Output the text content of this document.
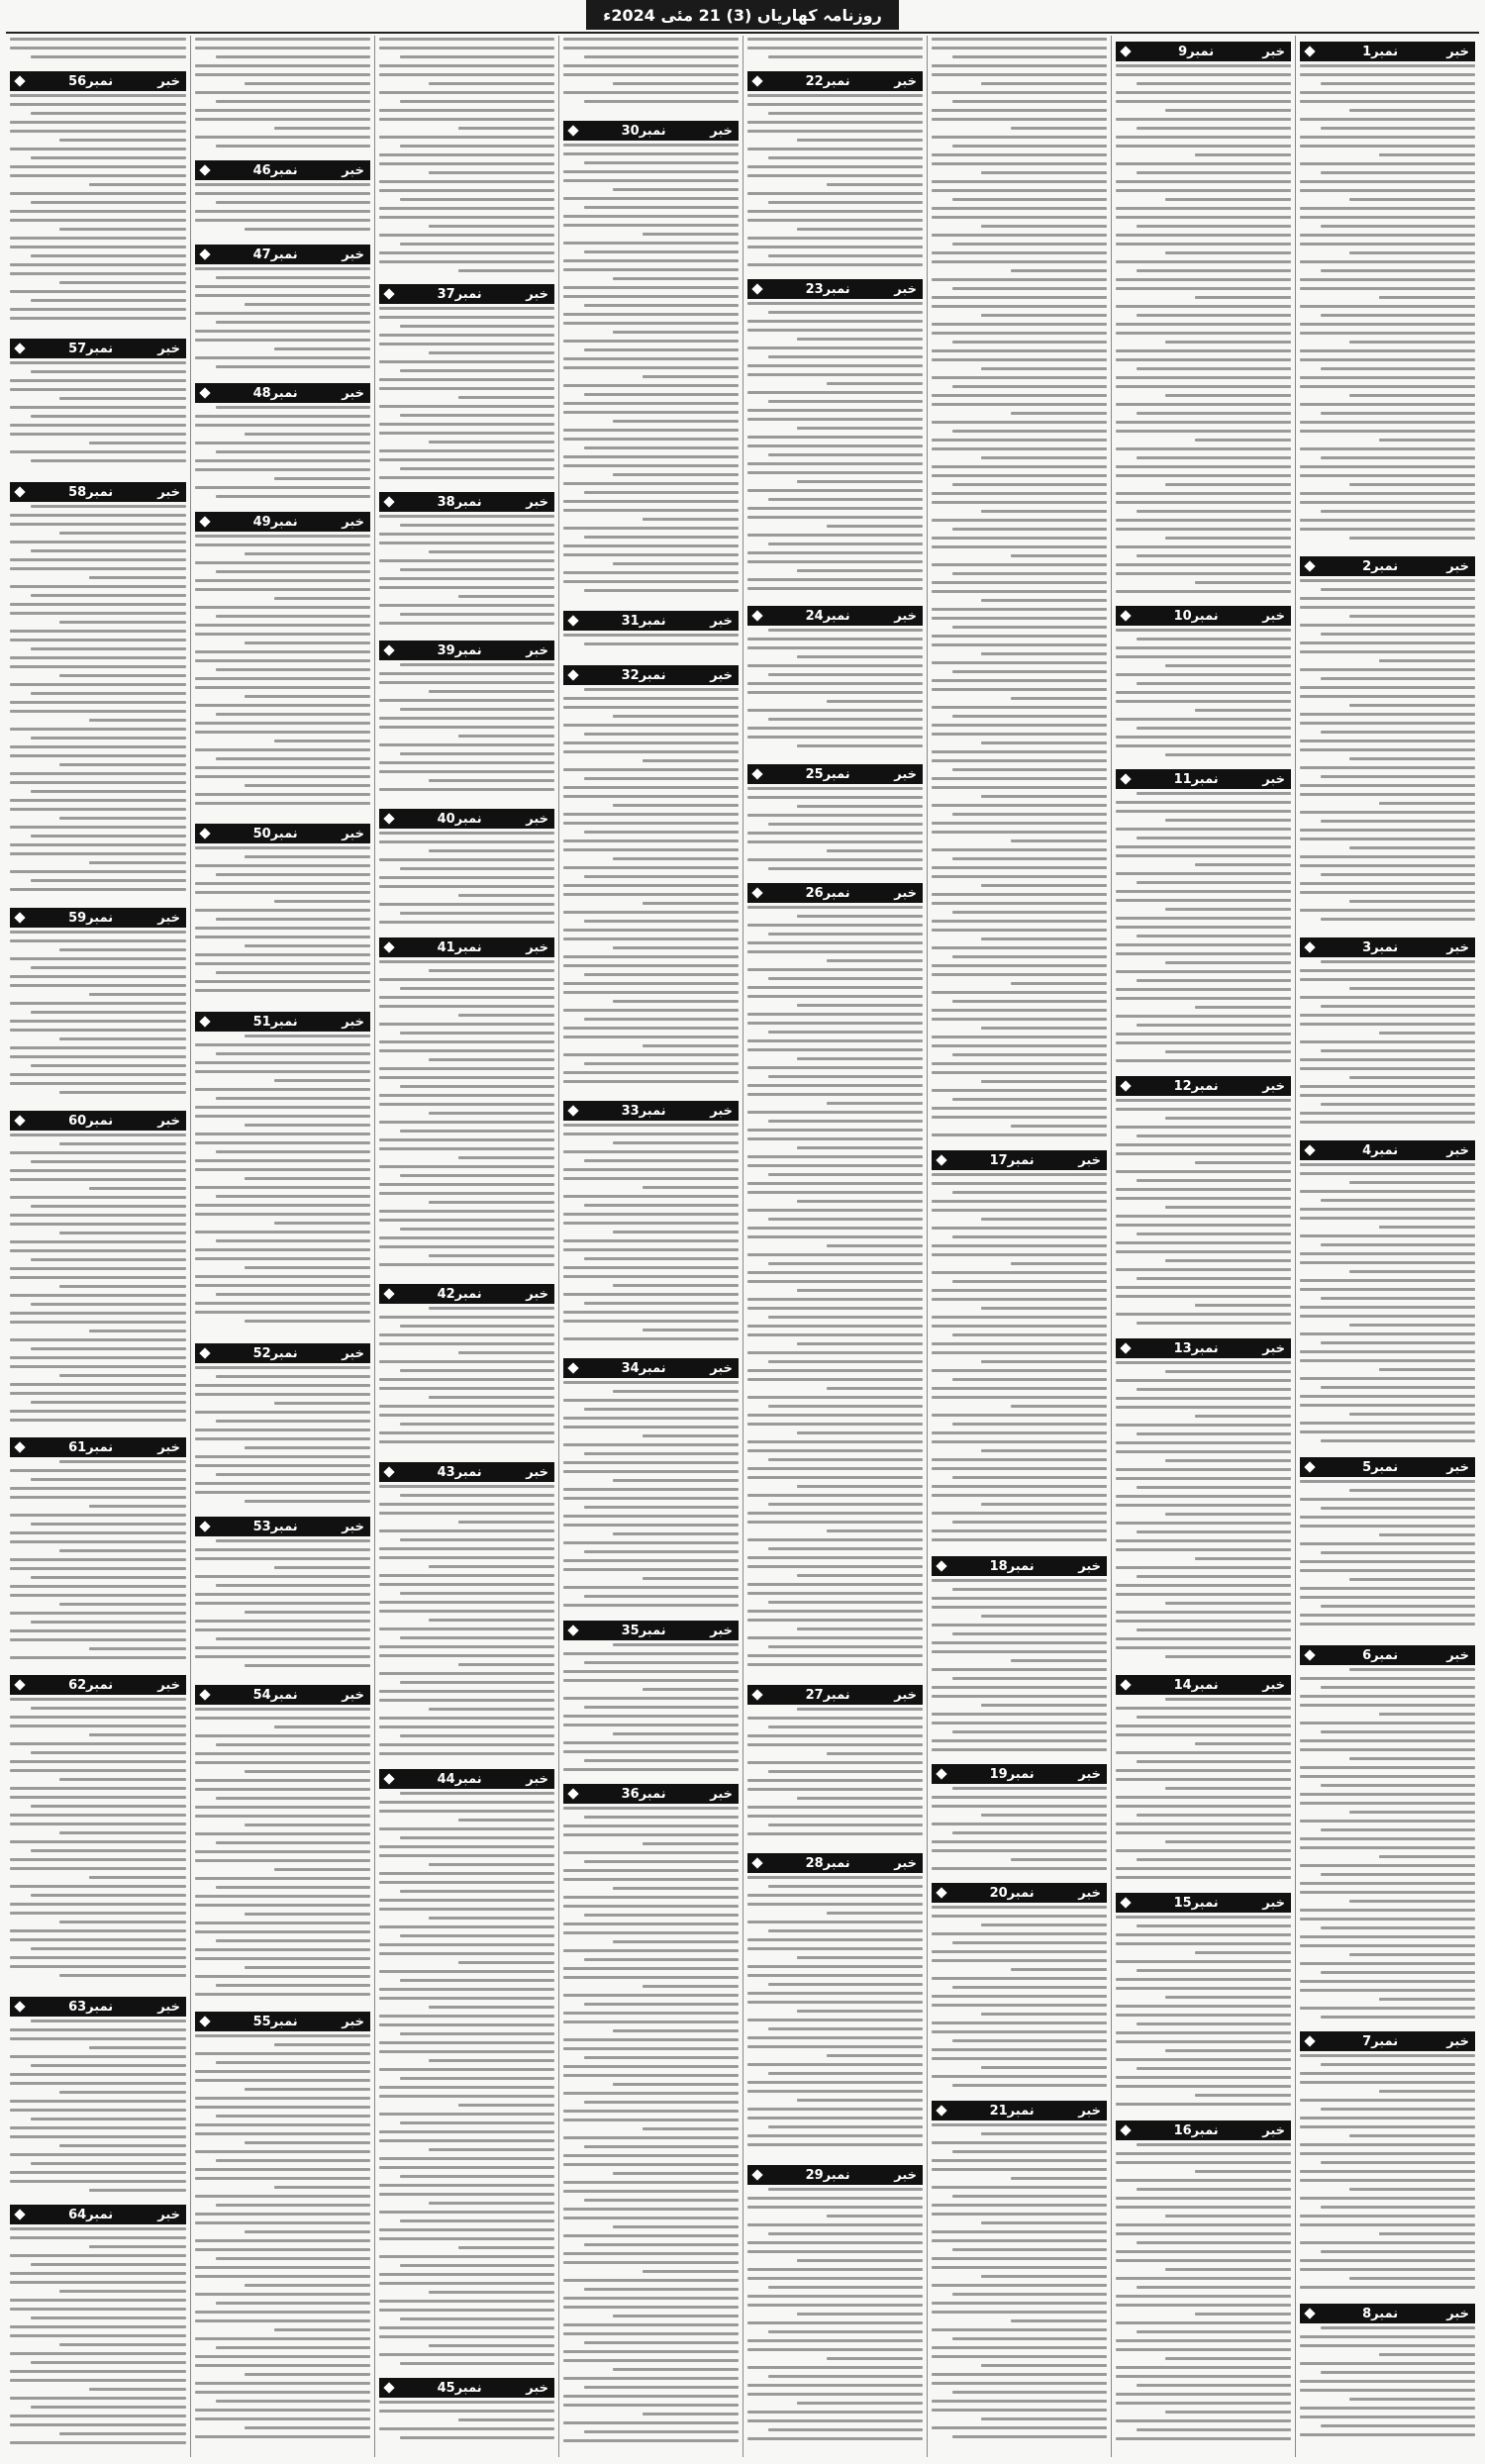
روزنامہ کھاریاں (3) 21 مئی 2024ء
خبر
نمبر1
خبر
نمبر2
خبر
نمبر3
خبر
نمبر4
خبر
نمبر5
خبر
نمبر6
خبر
نمبر7
خبر
نمبر8
خبر
نمبر9
خبر
نمبر10
خبر
نمبر11
خبر
نمبر12
خبر
نمبر13
خبر
نمبر14
خبر
نمبر15
خبر
نمبر16
خبر
نمبر17
خبر
نمبر18
خبر
نمبر19
خبر
نمبر20
خبر
نمبر21
خبر
نمبر22
خبر
نمبر23
خبر
نمبر24
خبر
نمبر25
خبر
نمبر26
خبر
نمبر27
خبر
نمبر28
خبر
نمبر29
خبر
نمبر30
خبر
نمبر31
خبر
نمبر32
خبر
نمبر33
خبر
نمبر34
خبر
نمبر35
خبر
نمبر36
خبر
نمبر37
خبر
نمبر38
خبر
نمبر39
خبر
نمبر40
خبر
نمبر41
خبر
نمبر42
خبر
نمبر43
خبر
نمبر44
خبر
نمبر45
خبر
نمبر46
خبر
نمبر47
خبر
نمبر48
خبر
نمبر49
خبر
نمبر50
خبر
نمبر51
خبر
نمبر52
خبر
نمبر53
خبر
نمبر54
خبر
نمبر55
خبر
نمبر56
خبر
نمبر57
خبر
نمبر58
خبر
نمبر59
خبر
نمبر60
خبر
نمبر61
خبر
نمبر62
خبر
نمبر63
خبر
نمبر64
